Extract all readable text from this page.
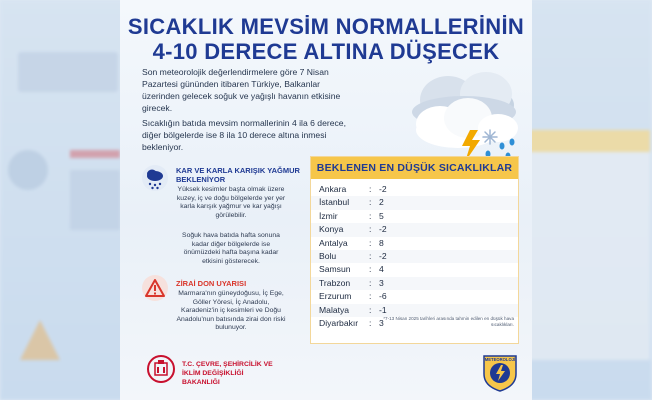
SICAKLIK MEVSİM NORMALLERİNİN
4-10 DERECE ALTINA DÜŞECEK
Son meteorolojik değerlendirmelere göre 7 Nisan Pazartesi gününden itibaren Türkiye, Balkanlar üzerinden gelecek soğuk ve yağışlı havanın etkisine girecek.
Sıcaklığın batıda mevsim normallerinin 4 ila 6 derece, diğer bölgelerde ise 8 ila 10 derece altına inmesi bekleniyor.
KAR VE KARLA KARIŞIK YAĞMUR
BEKLENİYOR
Yüksek kesimler başta olmak üzere kuzey, iç ve doğu bölgelerde yer yer karla karışık yağmur ve kar yağışı görülebilir.
Soğuk hava batıda hafta sonuna kadar diğer bölgelerde ise önümüzdeki hafta başına kadar etkisini gösterecek.
ZİRAİ DON UYARISI
Marmara'nın güneydoğusu, İç Ege, Göller Yöresi, İç Anadolu, Karadeniz'in iç kesimleri ve Doğu Anadolu'nun batısında zirai don riski bulunuyor.
BEKLENEN EN DÜŞÜK SICAKLIKLAR
Ankara	: -2
İstanbul : 2
İzmir	: 5
Konya	: -2
Antalya : 8
Bolu	: -2
Samsun : 4
Trabzon : 3
Erzurum : -6
Malatya : -1
Diyarbakır : 3 *7-13 Nisan 2025 tarihleri arasında tahmin edilen en düşük hava sıcaklıkları.
T.C. ÇEVRE, ŞEHİRCİLİK VE
İKLİM DEĞİŞİKLİĞİ BAKANLIĞI
METEOROLOJİ
